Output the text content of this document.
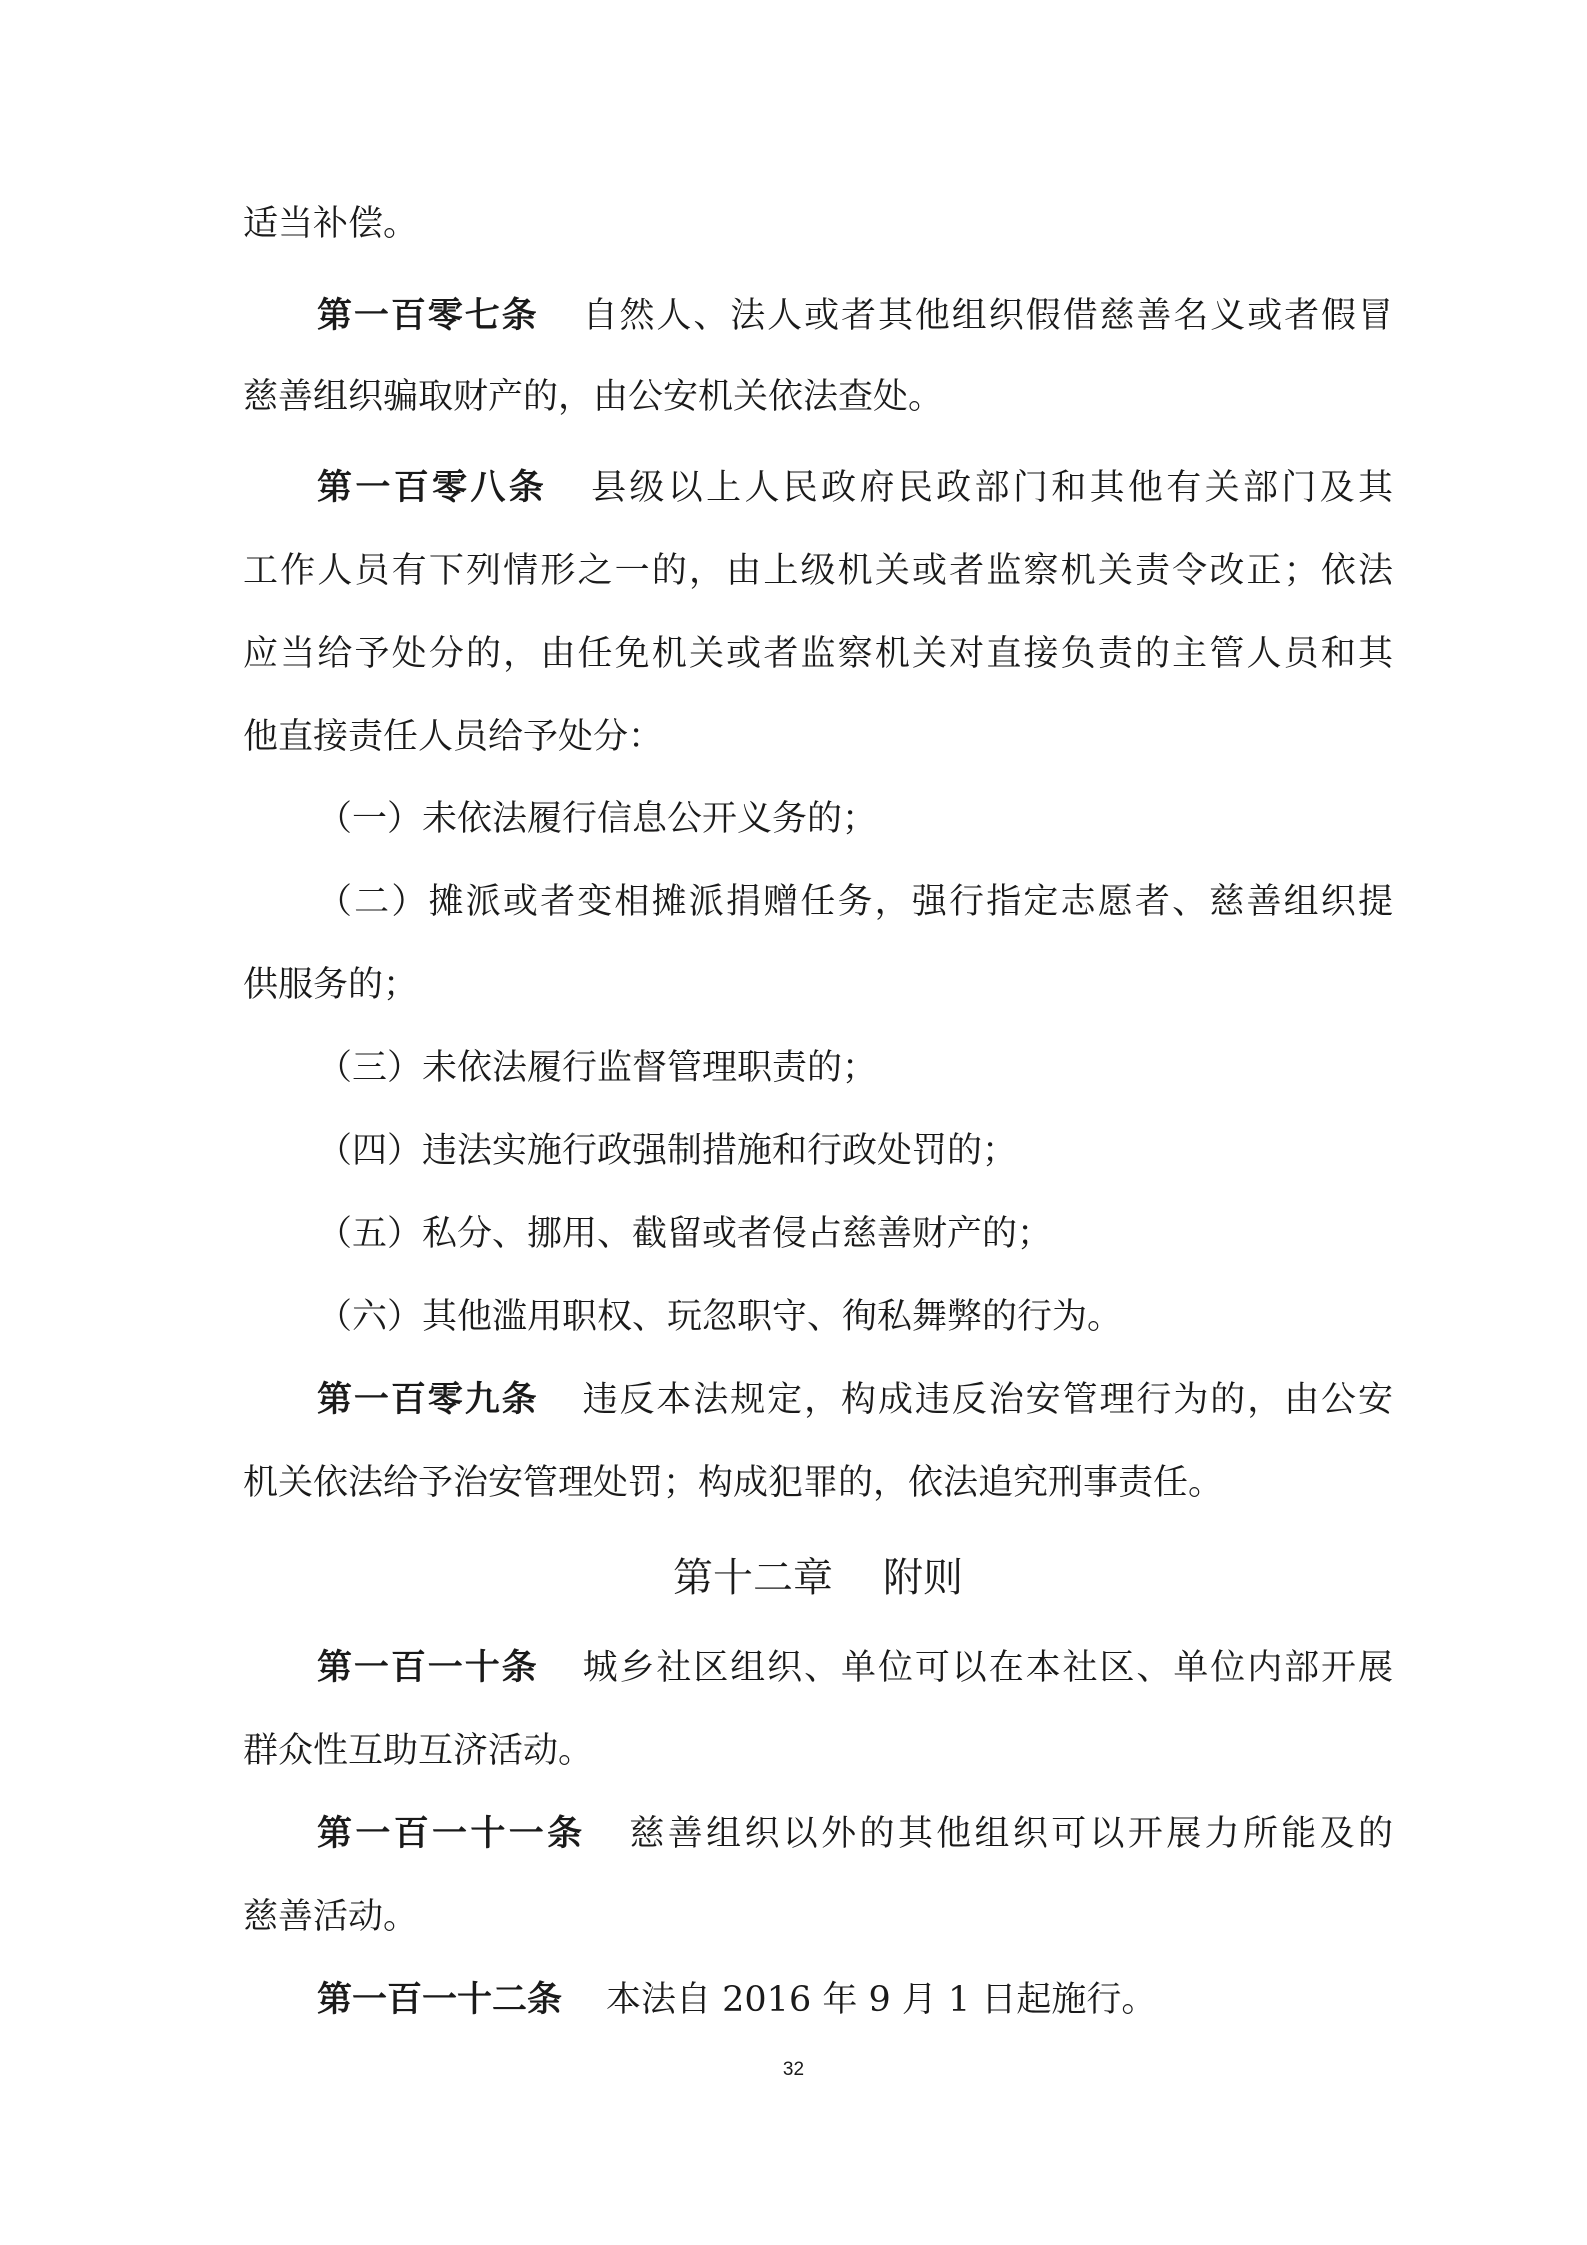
适当补偿。
第一百零七条 自然人、法人或者其他组织假借慈善名义或者假冒
慈善组织骗取财产的，由公安机关依法查处。
第一百零八条 县级以上人民政府民政部门和其他有关部门及其
工作人员有下列情形之一的，由上级机关或者监察机关责令改正；依法
应当给予处分的，由任免机关或者监察机关对直接负责的主管人员和其
他直接责任人员给予处分：
（一）未依法履行信息公开义务的；
（二）摊派或者变相摊派捐赠任务，强行指定志愿者、慈善组织提
供服务的；
（三）未依法履行监督管理职责的；
（四）违法实施行政强制措施和行政处罚的；
（五）私分、挪用、截留或者侵占慈善财产的；
（六）其他滥用职权、玩忽职守、徇私舞弊的行为。
第一百零九条 违反本法规定，构成违反治安管理行为的，由公安
机关依法给予治安管理处罚；构成犯罪的，依法追究刑事责任。
第十二章 附则
第一百一十条 城乡社区组织、单位可以在本社区、单位内部开展
群众性互助互济活动。
第一百一十一条 慈善组织以外的其他组织可以开展力所能及的
慈善活动。
第一百一十二条 本法自 2016 年 9 月 1 日起施行。
32
